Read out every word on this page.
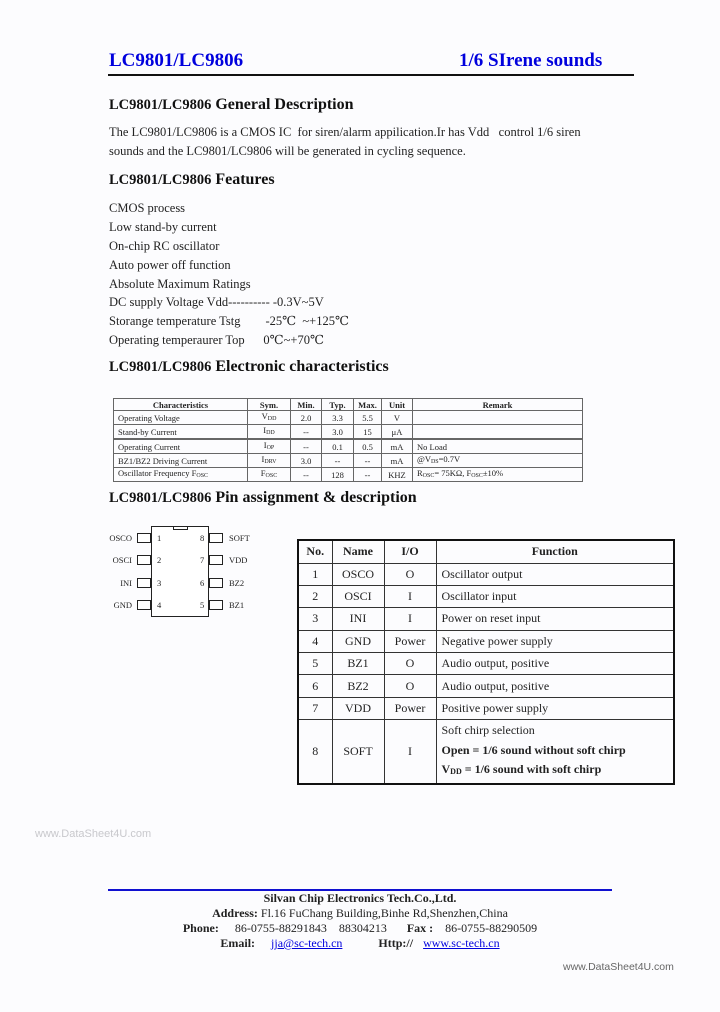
LC9801/LC9806	1/6 SIrene sounds
LC9801/LC9806 General Description
The LC9801/LC9806 is a CMOS IC  for siren/alarm appilication.Ir has Vdd   control 1/6 siren
sounds and the LC9801/LC9806 will be generated in cycling sequence.
LC9801/LC9806 Features
CMOS process
Low stand-by current
On-chip RC oscillator
Auto power off function
Absolute Maximum Ratings
DC supply Voltage Vdd---------- -0.3V~5V
Storange temperature Tstg        -25℃  ~+125℃
Operating temperaurer Top      0℃~+70℃
LC9801/LC9806 Electronic characteristics
Characteristics	Sym.	Min.	Typ.	Max.	Unit	Remark
Operating Voltage	$V_{DD}$	2.0	3.3	5.5	V	
Stand-by Current	$I_{DD}$	--	3.0	15	μA	
Operating Current	$I_{OP}$	--	0.1	0.5	mA	No Load
BZ1/BZ2 Driving Current	$I_{DRV}$	3.0	--	--	mA	$@V_{DS}=0.7V$
Oscillator Frequency $F_{OSC}$	$F_{OSC}$	--	128	--	KHZ	$R_{OSC}= 75K\Omega$, $F_{OSC}\pm 10\%$
LC9801/LC9806 Pin assignment & description
OSCO
OSCI
INI
GND
1
2
3
4
8
7
6
5
SOFT
VDD
BZ2
BZ1
No.	Name	I/O	Function
1	OSCO	O	Oscillator output
2	OSCI	I	Oscillator input
3	INI	I	Power on reset input
4	GND	Power	Negative power supply
5	BZ1	O	Audio output, positive
6	BZ2	O	Audio output, positive
7	VDD	Power	Positive power supply
8	SOFT	I	Soft chirp selection
Open = 1/6 sound without soft chirp
$V_{DD} = 1/6$ sound with soft chirp
www.DataSheet4U.com
Silvan Chip Electronics Tech.Co.,Ltd.
Address: Fl.16 FuChang Building,Binhe Rd,Shenzhen,China
Phone: 86-0755-88291843 88304213 Fax : 86-0755-88290509
Email: jja@sc-tech.cn	Http:// www.sc-tech.cn
www.DataSheet4U.com
